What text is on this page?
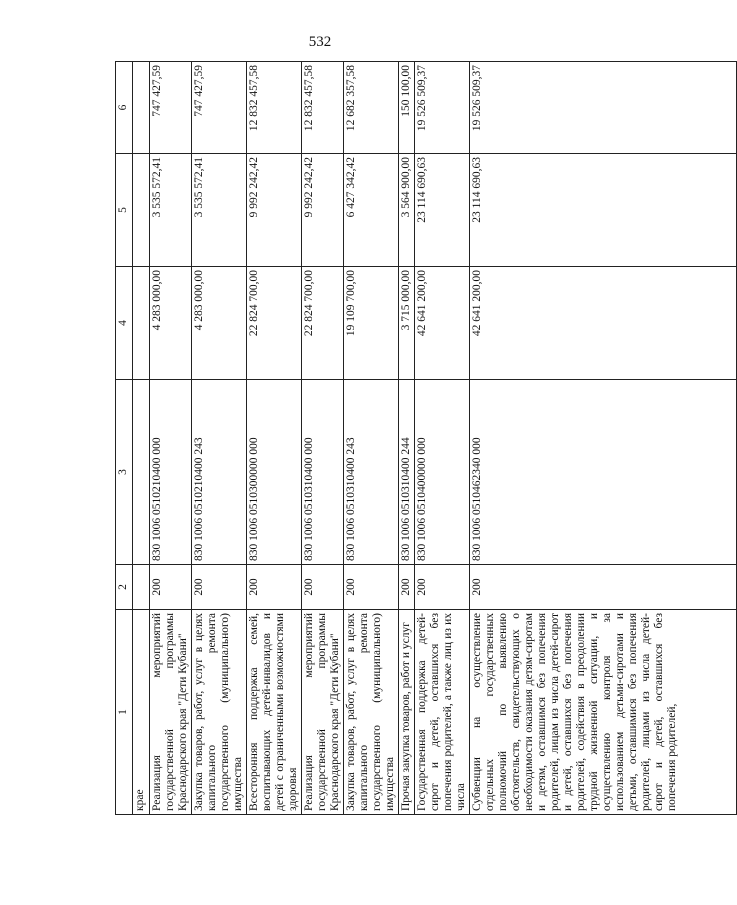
532
1	2	3	4	5	6
крае					
Реализация мероприятий государственной программы Краснодарского края "Дети Кубани"	200	830 1006 0510210400 000	4 283 000,00	3 535 572,41	747 427,59
Закупка товаров, работ, услуг в целях капитального ремонта государственного (муниципального) имущества	200	830 1006 0510210400 243	4 283 000,00	3 535 572,41	747 427,59
Всесторонняя поддержка семей, воспитывающих детей-инвалидов и детей с ограниченными возможностями здоровья	200	830 1006 0510300000 000	22 824 700,00	9 992 242,42	12 832 457,58
Реализация мероприятий государственной программы Краснодарского края "Дети Кубани"	200	830 1006 0510310400 000	22 824 700,00	9 992 242,42	12 832 457,58
Закупка товаров, работ, услуг в целях капитального ремонта государственного (муниципального) имущества	200	830 1006 0510310400 243	19 109 700,00	6 427 342,42	12 682 357,58
Прочая закупка товаров, работ и услуг	200	830 1006 0510310400 244	3 715 000,00	3 564 900,00	150 100,00
Государственная поддержка детей-сирот и детей, оставшихся без попечения родителей, а также лиц из их числа	200	830 1006 0510400000 000	42 641 200,00	23 114 690,63	19 526 509,37
Субвенции на осуществление отдельных государственных полномочий по выявлению обстоятельств, свидетельствующих о необходимости оказания детям-сиротам и детям, оставшимся без попечения родителей, лицам из числа детей-сирот и детей, оставшихся без попечения родителей, содействия в преодолении трудной жизненной ситуации, и осуществлению контроля за использованием детьми-сиротами и детьми, оставшимися без попечения родителей, лицами из числа детей-сирот и детей, оставшихся без попечения родителей,	200	830 1006 0510462340 000	42 641 200,00	23 114 690,63	19 526 509,37
